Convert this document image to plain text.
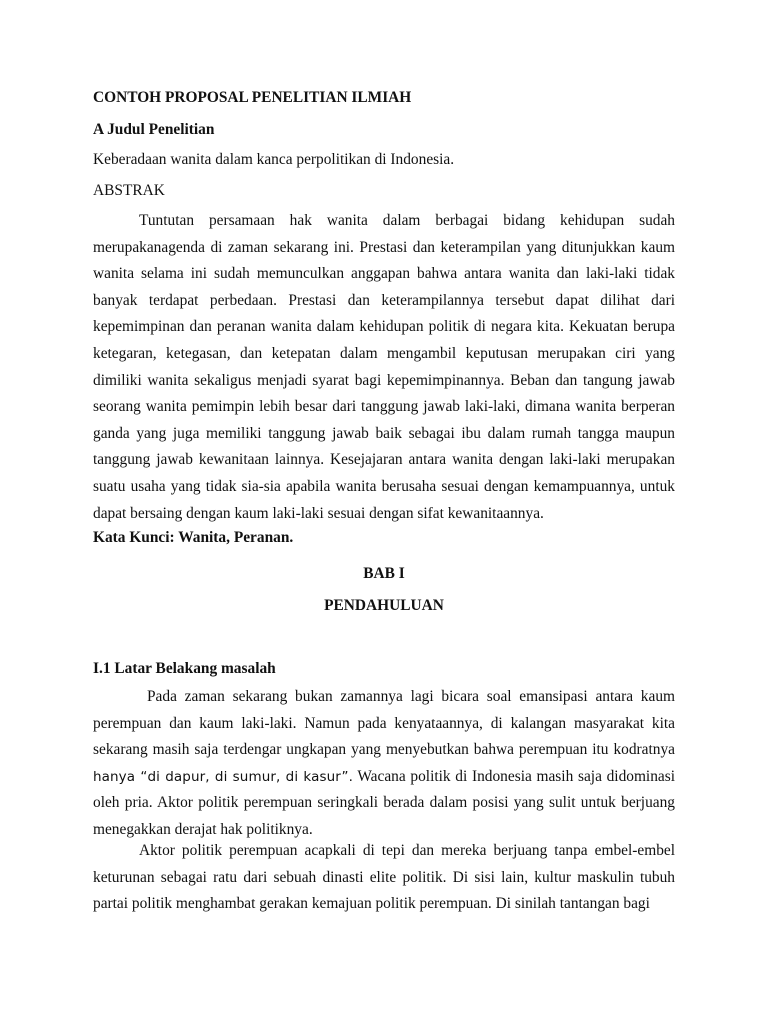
CONTOH PROPOSAL PENELITIAN ILMIAH

A Judul Penelitian

Keberadaan wanita dalam kanca perpolitikan di Indonesia.

ABSTRAK

Tuntutan persamaan hak wanita dalam berbagai bidang kehidupan sudah merupakanagenda di zaman sekarang ini. Prestasi dan keterampilan yang ditunjukkan kaum wanita selama ini sudah memunculkan anggapan bahwa antara wanita dan laki-laki tidak banyak terdapat perbedaan. Prestasi dan keterampilannya tersebut dapat dilihat dari kepemimpinan dan peranan wanita dalam kehidupan politik di negara kita. Kekuatan berupa ketegaran, ketegasan, dan ketepatan dalam mengambil keputusan merupakan ciri yang dimiliki wanita sekaligus menjadi syarat bagi kepemimpinannya. Beban dan tangung jawab seorang wanita pemimpin lebih besar dari tanggung jawab laki-laki, dimana wanita berperan ganda yang juga memiliki tanggung jawab baik sebagai ibu dalam rumah tangga maupun tanggung jawab kewanitaan lainnya. Kesejajaran antara wanita dengan laki-laki merupakan suatu usaha yang tidak sia-sia apabila wanita berusaha sesuai dengan kemampuannya, untuk dapat bersaing dengan kaum laki-laki sesuai dengan sifat kewanitaannya.

Kata Kunci: Wanita, Peranan.

BAB I

PENDAHULUAN

I.1 Latar Belakang masalah

Pada zaman sekarang bukan zamannya lagi bicara soal emansipasi antara kaum perempuan dan kaum laki-laki. Namun pada kenyataannya, di kalangan masyarakat kita sekarang masih saja terdengar ungkapan yang menyebutkan bahwa perempuan itu kodratnya hanya “di dapur, di sumur, di kasur”. Wacana politik di Indonesia masih saja didominasi oleh pria. Aktor politik perempuan seringkali berada dalam posisi yang sulit untuk berjuang menegakkan derajat hak politiknya.

Aktor politik perempuan acapkali di tepi dan mereka berjuang tanpa embel-embel keturunan sebagai ratu dari sebuah dinasti elite politik. Di sisi lain, kultur maskulin tubuh partai politik menghambat gerakan kemajuan politik perempuan. Di sinilah tantangan bagi
